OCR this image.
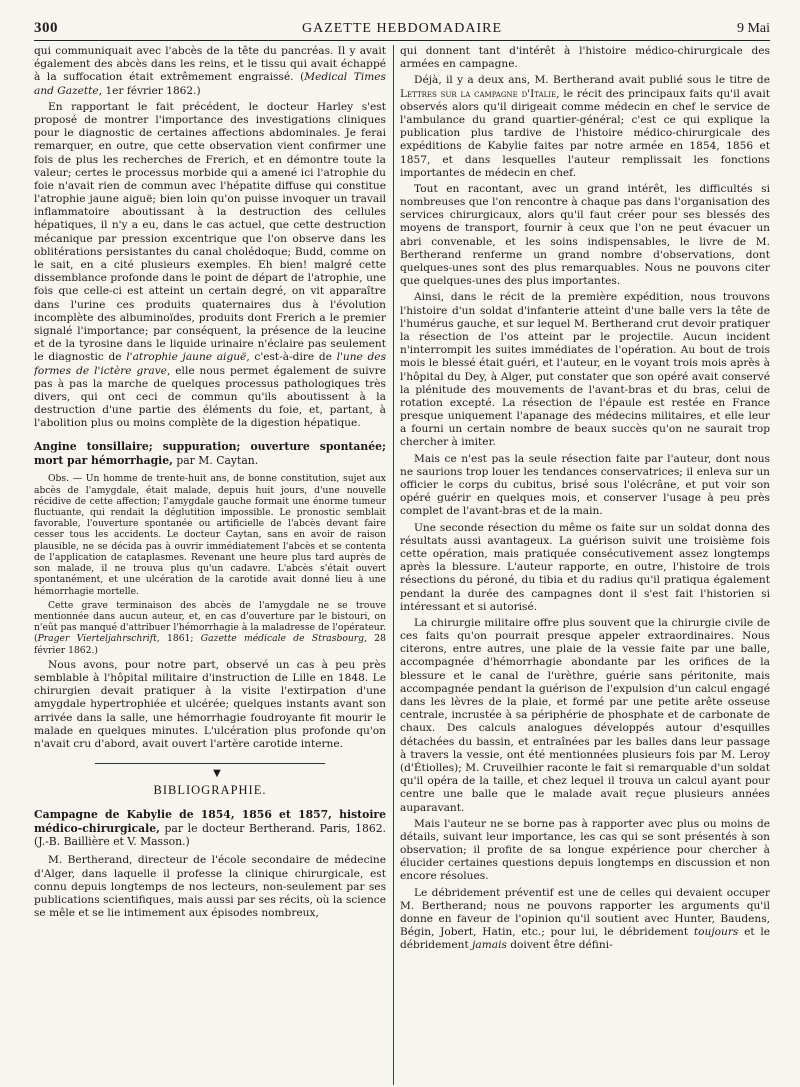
300	GAZETTE HEBDOMADAIRE	9 Mai

qui communiquait avec l'abcès de la tête du pancréas. Il y avait également des abcès dans les reins, et le tissu qui avait échappé à la suffocation était extrêmement engraissé. (Medical Times and Gazette, 1er février 1862.)

En rapportant le fait précédent, le docteur Harley s'est proposé de montrer l'importance des investigations cliniques pour le diagnostic de certaines affections abdominales. Je ferai remarquer, en outre, que cette observation vient confirmer une fois de plus les recherches de Frerich, et en démontre toute la valeur; certes le processus morbide qui a amené ici l'atrophie du foie n'avait rien de commun avec l'hépatite diffuse qui constitue l'atrophie jaune aiguë; bien loin qu'on puisse invoquer un travail inflammatoire aboutissant à la destruction des cellules hépatiques, il n'y a eu, dans le cas actuel, que cette destruction mécanique par pression excentrique que l'on observe dans les oblitérations persistantes du canal cholédoque; Budd, comme on le sait, en a cité plusieurs exemples. Eh bien! malgré cette dissemblance profonde dans le point de départ de l'atrophie, une fois que celle-ci est atteint un certain degré, on vit apparaître dans l'urine ces produits quaternaires dus à l'évolution incomplète des albuminoïdes, produits dont Frerich a le premier signalé l'importance; par conséquent, la présence de la leucine et de la tyrosine dans le liquide urinaire n'éclaire pas seulement le diagnostic de l'atrophie jaune aiguë, c'est-à-dire de l'une des formes de l'ictère grave, elle nous permet également de suivre pas à pas la marche de quelques processus pathologiques très divers, qui ont ceci de commun qu'ils aboutissent à la destruction d'une partie des éléments du foie, et, partant, à l'abolition plus ou moins complète de la digestion hépatique.

Angine tonsillaire; suppuration; ouverture spontanée; mort par hémorrhagie, par M. Caytan.

Obs. — Un homme de trente-huit ans, de bonne constitution, sujet aux abcès de l'amygdale, était malade, depuis huit jours, d'une nouvelle récidive de cette affection; l'amygdale gauche formait une énorme tumeur fluctuante, qui rendait la déglutition impossible. Le pronostic semblait favorable, l'ouverture spontanée ou artificielle de l'abcès devant faire cesser tous les accidents. Le docteur Caytan, sans en avoir de raison plausible, ne se décida pas à ouvrir immédiatement l'abcès et se contenta de l'application de cataplasmes. Revenant une heure plus tard auprès de son malade, il ne trouva plus qu'un cadavre. L'abcès s'était ouvert spontanément, et une ulcération de la carotide avait donné lieu à une hémorrhagie mortelle.

Cette grave terminaison des abcès de l'amygdale ne se trouve mentionnée dans aucun auteur, et, en cas d'ouverture par le bistouri, on n'eût pas manqué d'attribuer l'hémorrhagie à la maladresse de l'opérateur. (Prager Vierteljahrschrift, 1861; Gazette médicale de Strasbourg, 28 février 1862.)

Nous avons, pour notre part, observé un cas à peu près semblable à l'hôpital militaire d'instruction de Lille en 1848. Le chirurgien devait pratiquer à la visite l'extirpation d'une amygdale hypertrophiée et ulcérée; quelques instants avant son arrivée dans la salle, une hémorrhagie foudroyante fit mourir le malade en quelques minutes. L'ulcération plus profonde qu'on n'avait cru d'abord, avait ouvert l'artère carotide interne.

▼

BIBLIOGRAPHIE.

Campagne de Kabylie de 1854, 1856 et 1857, histoire médico-chirurgicale, par le docteur Bertherand. Paris, 1862. (J.-B. Baillière et V. Masson.)

M. Bertherand, directeur de l'école secondaire de médecine d'Alger, dans laquelle il professe la clinique chirurgicale, est connu depuis longtemps de nos lecteurs, non-seulement par ses publications scientifiques, mais aussi par ses récits, où la science se mêle et se lie intimement aux épisodes nombreux,

qui donnent tant d'intérêt à l'histoire médico-chirurgicale des armées en campagne.

Déjà, il y a deux ans, M. Bertherand avait publié sous le titre de Lettres sur la campagne d'Italie, le récit des principaux faits qu'il avait observés alors qu'il dirigeait comme médecin en chef le service de l'ambulance du grand quartier-général; c'est ce qui explique la publication plus tardive de l'histoire médico-chirurgicale des expéditions de Kabylie faites par notre armée en 1854, 1856 et 1857, et dans lesquelles l'auteur remplissait les fonctions importantes de médecin en chef.

Tout en racontant, avec un grand intérêt, les difficultés si nombreuses que l'on rencontre à chaque pas dans l'organisation des services chirurgicaux, alors qu'il faut créer pour ses blessés des moyens de transport, fournir à ceux que l'on ne peut évacuer un abri convenable, et les soins indispensables, le livre de M. Bertherand renferme un grand nombre d'observations, dont quelques-unes sont des plus remarquables. Nous ne pouvons citer que quelques-unes des plus importantes.

Ainsi, dans le récit de la première expédition, nous trouvons l'histoire d'un soldat d'infanterie atteint d'une balle vers la tête de l'humérus gauche, et sur lequel M. Bertherand crut devoir pratiquer la résection de l'os atteint par le projectile. Aucun incident n'interrompit les suites immédiates de l'opération. Au bout de trois mois le blessé était guéri, et l'auteur, en le voyant trois mois après à l'hôpital du Dey, à Alger, put constater que son opéré avait conservé la plénitude des mouvements de l'avant-bras et du bras, celui de rotation excepté. La résection de l'épaule est restée en France presque uniquement l'apanage des médecins militaires, et elle leur a fourni un certain nombre de beaux succès qu'on ne saurait trop chercher à imiter.

Mais ce n'est pas la seule résection faite par l'auteur, dont nous ne saurions trop louer les tendances conservatrices; il enleva sur un officier le corps du cubitus, brisé sous l'olécrâne, et put voir son opéré guérir en quelques mois, et conserver l'usage à peu près complet de l'avant-bras et de la main.

Une seconde résection du même os faite sur un soldat donna des résultats aussi avantageux. La guérison suivit une troisième fois cette opération, mais pratiquée consécutivement assez longtemps après la blessure. L'auteur rapporte, en outre, l'histoire de trois résections du péroné, du tibia et du radius qu'il pratiqua également pendant la durée des campagnes dont il s'est fait l'historien si intéressant et si autorisé.

La chirurgie militaire offre plus souvent que la chirurgie civile de ces faits qu'on pourrait presque appeler extraordinaires. Nous citerons, entre autres, une plaie de la vessie faite par une balle, accompagnée d'hémorrhagie abondante par les orifices de la blessure et le canal de l'urèthre, guérie sans péritonite, mais accompagnée pendant la guérison de l'expulsion d'un calcul engagé dans les lèvres de la plaie, et formé par une petite arête osseuse centrale, incrustée à sa périphérie de phosphate et de carbonate de chaux. Des calculs analogues développés autour d'esquilles détachées du bassin, et entraînées par les balles dans leur passage à travers la vessie, ont été mentionnées plusieurs fois par M. Leroy (d'Étiolles); M. Cruveilhier raconte le fait si remarquable d'un soldat qu'il opéra de la taille, et chez lequel il trouva un calcul ayant pour centre une balle que le malade avait reçue plusieurs années auparavant.

Mais l'auteur ne se borne pas à rapporter avec plus ou moins de détails, suivant leur importance, les cas qui se sont présentés à son observation; il profite de sa longue expérience pour chercher à élucider certaines questions depuis longtemps en discussion et non encore résolues.

Le débridement préventif est une de celles qui devaient occuper M. Bertherand; nous ne pouvons rapporter les arguments qu'il donne en faveur de l'opinion qu'il soutient avec Hunter, Baudens, Bégin, Jobert, Hatin, etc.; pour lui, le débridement toujours et le débridement jamais doivent être défini-
